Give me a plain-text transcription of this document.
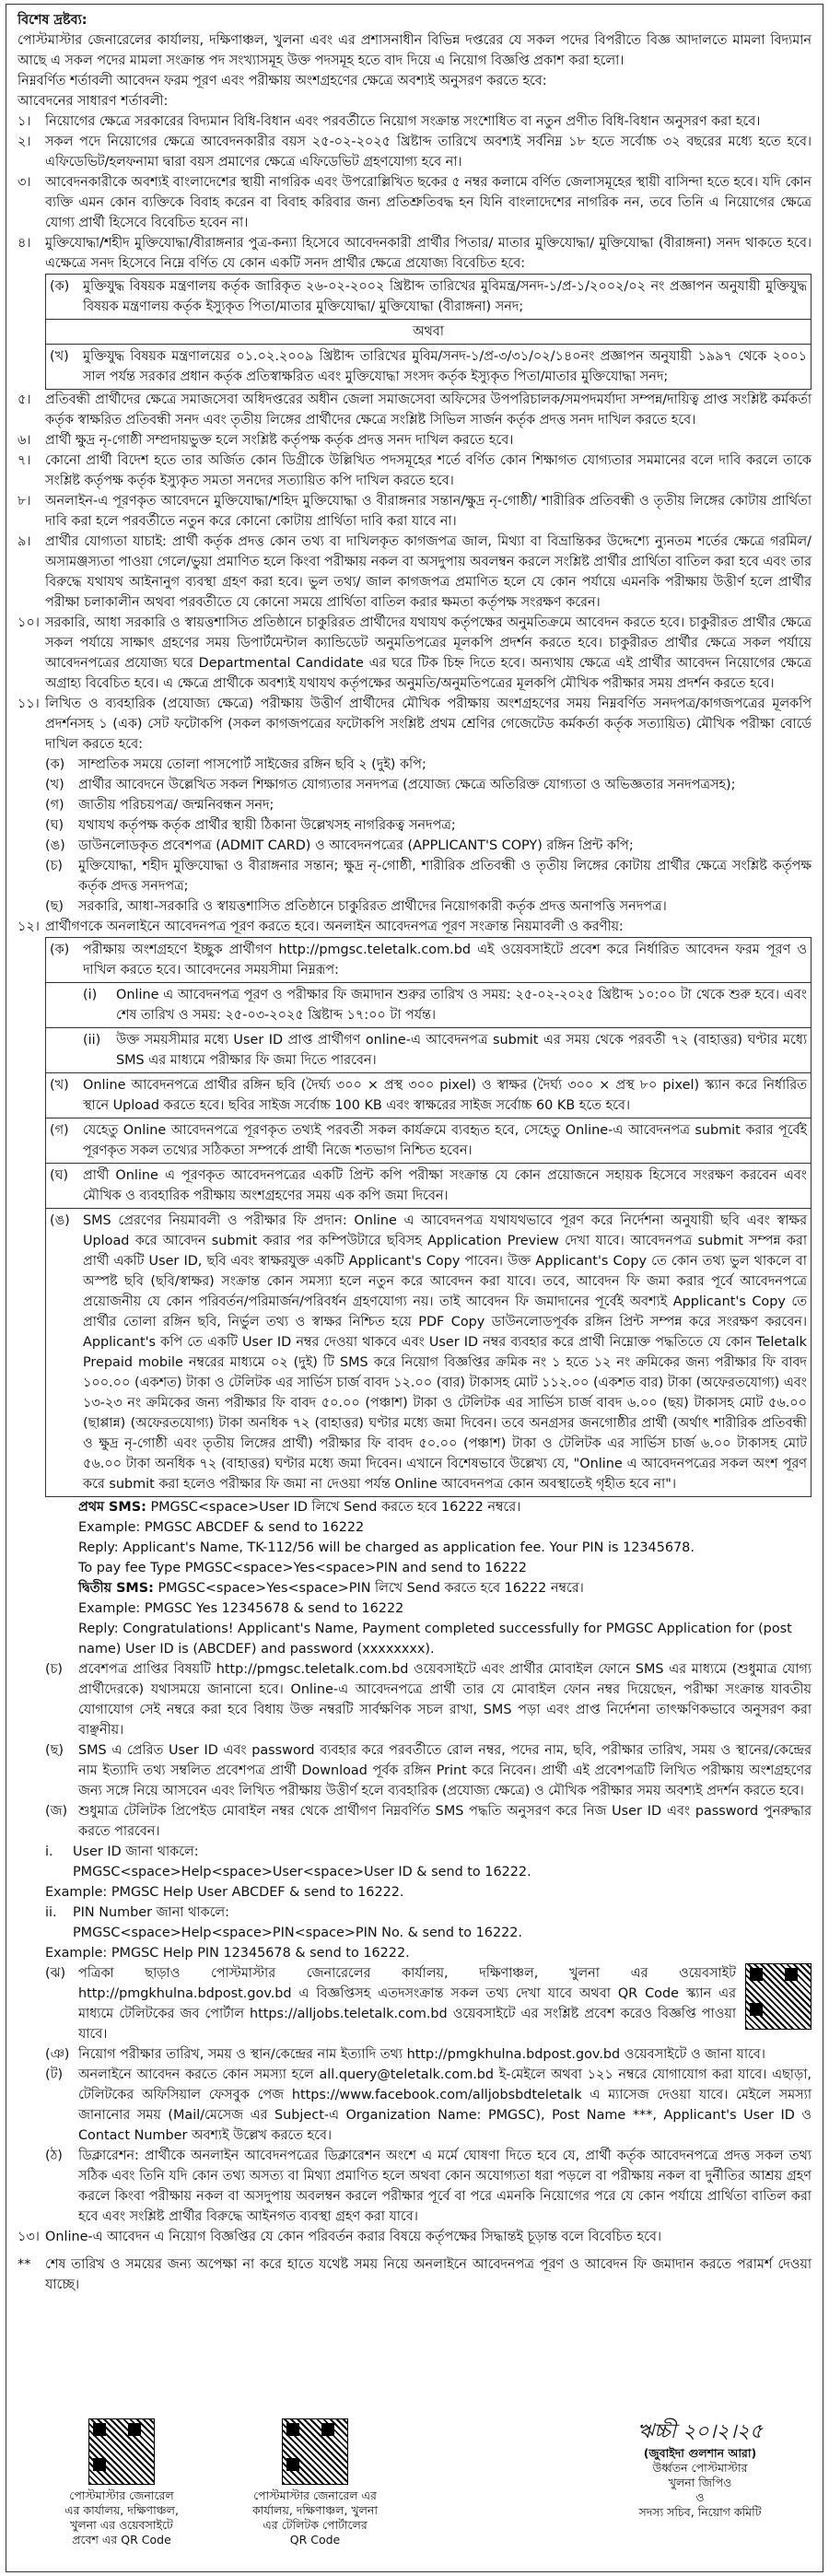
বিশেষ দ্রষ্টব্য:
পোস্টমাস্টার জেনারেলের কার্যালয়, দক্ষিণাঞ্চল, খুলনা এবং এর প্রশাসনাধীন বিভিন্ন দপ্তরের যে সকল পদের বিপরীতে বিজ্ঞ আদালতে মামলা বিদ্যমান আছে এ সকল পদের মামলা সংক্রান্ত পদ সংখ্যাসমূহ উক্ত পদসমূহ হতে বাদ দিয়ে এ নিয়োগ বিজ্ঞপ্তি প্রকাশ করা হলো।
নিম্নবর্ণিত শর্তাবলী আবেদন ফরম পূরণ এবং পরীক্ষায় অংশগ্রহণের ক্ষেত্রে অবশ্যই অনুসরণ করতে হবে:
আবেদনের সাধারণ শর্তাবলী:
১।	নিয়োগের ক্ষেত্রে সরকারের বিদ্যমান বিধি-বিধান এবং পরবর্তীতে নিয়োগ সংক্রান্ত সংশোধিত বা নতুন প্রণীত বিধি-বিধান অনুসরণ করা হবে।
২।	সকল পদে নিয়োগের ক্ষেত্রে আবেদনকারীর বয়স ২৫-০২-২০২৫ খ্রিষ্টাব্দ তারিখে অবশ্যই সর্বনিম্ন ১৮ হতে সর্বোচ্চ ৩২ বছরের মধ্যে হতে হবে। এফিডেভিট/হলফনামা দ্বারা বয়স প্রমাণের ক্ষেত্রে এফিডেভিট গ্রহণযোগ্য হবে না।
৩।	আবেদনকারীকে অবশ্যই বাংলাদেশের স্থায়ী নাগরিক এবং উপরোল্লিখিত ছকের ৫ নম্বর কলামে বর্ণিত জেলাসমূহের স্থায়ী বাসিন্দা হতে হবে। যদি কোন ব্যক্তি এমন কোন ব্যক্তিকে বিবাহ করেন বা বিবাহ করিবার জন্য প্রতিশ্রুতিবদ্ধ হন যিনি বাংলাদেশের নাগরিক নন, তবে তিনি এ নিয়োগের ক্ষেত্রে যোগ্য প্রার্থী হিসেবে বিবেচিত হবেন না।
৪।	মুক্তিযোদ্ধা/শহীদ মুক্তিযোদ্ধা/বীরাঙ্গনার পুত্র-কন্যা হিসেবে আবেদনকারী প্রার্থীর পিতার/ মাতার মুক্তিযোদ্ধা/ মুক্তিযোদ্ধা (বীরাঙ্গনা) সনদ থাকতে হবে। এক্ষেত্রে সনদ হিসেবে নিম্নে বর্ণিত যে কোন একটি সনদ প্রার্থীর ক্ষেত্রে প্রযোজ্য বিবেচিত হবে:
(ক)	মুক্তিযুদ্ধ বিষয়ক মন্ত্রণালয় কর্তৃক জারিকৃত ২৬-০২-২০০২ খ্রিষ্টাব্দ তারিখের মুবিমন্ত্র/সনদ-১/প্র-১/২০০২/০২ নং প্রজ্ঞাপন অনুযায়ী মুক্তিযুদ্ধ বিষয়ক মন্ত্রণালয় কর্তৃক ইস্যুকৃত পিতা/মাতার মুক্তিযোদ্ধা/ মুক্তিযোদ্ধা (বীরাঙ্গনা) সনদ;
অথবা
(খ)	মুক্তিযুদ্ধ বিষয়ক মন্ত্রণালয়ের ০১.০২.২০০৯ খ্রিষ্টাব্দ তারিখের মুবিম/সনদ-১/প্র-৩/৩১/০২/১৪০নং প্রজ্ঞাপন অনুযায়ী ১৯৯৭ থেকে ২০০১ সাল পর্যন্ত সরকার প্রধান কর্তৃক প্রতিস্বাক্ষরিত এবং মুক্তিযোদ্ধা সংসদ কর্তৃক ইস্যুকৃত পিতা/মাতার মুক্তিযোদ্ধা সনদ;
৫।	প্রতিবন্ধী প্রার্থীদের ক্ষেত্রে সমাজসেবা অধিদপ্তরের অধীন জেলা সমাজসেবা অফিসের উপপরিচালক/সমপদমর্যাদা সম্পন্ন/দায়িত্ব প্রাপ্ত সংশ্লিষ্ট কর্মকর্তা কর্তৃক স্বাক্ষরিত প্রতিবন্ধী সনদ এবং তৃতীয় লিঙ্গের প্রার্থীদের ক্ষেত্রে সংশ্লিষ্ট সিভিল সার্জন কর্তৃক প্রদত্ত সনদ দাখিল করতে হবে।
৬।	প্রার্থী ক্ষুদ্র নৃ-গোষ্ঠী সম্প্রদায়ভুক্ত হলে সংশ্লিষ্ট কর্তৃপক্ষ কর্তৃক প্রদত্ত সনদ দাখিল করতে হবে।
৭।	কোনো প্রার্থী বিদেশ হতে তার অর্জিত কোন ডিগ্রীকে উল্লিখিত পদসমূহের শর্তে বর্ণিত কোন শিক্ষাগত যোগ্যতার সমমানের বলে দাবি করলে তাকে সংশ্লিষ্ট কর্তৃপক্ষ কর্তৃক ইস্যুকৃত সমতা সনদের সত্যায়িত কপি দাখিল করতে হবে।
৮।	অনলাইন-এ পূরণকৃত আবেদনে মুক্তিযোদ্ধা/শহিদ মুক্তিযোদ্ধা ও বীরাঙ্গনার সন্তান/ক্ষুদ্র নৃ-গোষ্ঠী/ শারীরিক প্রতিবন্ধী ও তৃতীয় লিঙ্গের কোটায় প্রার্থিতা দাবি করা হলে পরবর্তীতে নতুন করে কোনো কোটায় প্রার্থিতা দাবি করা যাবে না।
৯।	প্রার্থীর যোগ্যতা যাচাই: প্রার্থী কর্তৃক প্রদত্ত কোন তথ্য বা দাখিলকৃত কাগজপত্র জাল, মিথ্যা বা বিভ্রান্তিকর উদ্দেশ্যে ন্যুনতম শর্তের ক্ষেত্রে গরমিল/অসামঞ্জস্যতা পাওয়া গেলে/ভুয়া প্রমাণিত হলে কিংবা পরীক্ষায় নকল বা অসদুপায় অবলম্বন করলে সংশ্লিষ্ট প্রার্থীর প্রার্থিতা বাতিল করা হবে এবং তার বিরুদ্ধে যথাযথ আইনানুগ ব্যবস্থা গ্রহণ করা হবে। ভুল তথ্য/ জাল কাগজপত্র প্রমাণিত হলে যে কোন পর্যায়ে এমনকি পরীক্ষায় উত্তীর্ণ হলে প্রার্থীর পরীক্ষা চলাকালীন অথবা পরবর্তীতে যে কোনো সময়ে প্রার্থিতা বাতিল করার ক্ষমতা কর্তৃপক্ষ সংরক্ষণ করেন।
১০। সরকারি, আধা সরকারি ও স্বায়ত্তশাসিত প্রতিষ্ঠানে চাকুরিরত প্রার্থীদের যথাযথ কর্তৃপক্ষের অনুমতিক্রমে আবেদন করতে হবে। চাকুরীরত প্রার্থীর ক্ষেত্রে সকল পর্যায়ে সাক্ষাৎ গ্রহণের সময় ডিপার্টমেন্টাল ক্যান্ডিডেট অনুমতিপত্রের মূলকপি প্রদর্শন করতে হবে। চাকুরীরত প্রার্থীর ক্ষেত্রে সকল পর্যায়ে আবেদনপত্রের প্রযোজ্য ঘরে Departmental Candidate এর ঘরে টিক চিহ্ন দিতে হবে। অন্যথায় ক্ষেত্রে এই প্রার্থীর আবেদন নিয়োগের ক্ষেত্রে অগ্রাহ্য বিবেচিত হবে। এ ক্ষেত্রে প্রার্থীকে অবশ্যই যথাযথ কর্তৃপক্ষের অনুমতি/অনুমতিপত্রের মূলকপি মৌখিক পরীক্ষার সময় প্রদর্শন করতে হবে।
১১। লিখিত ও ব্যবহারিক (প্রযোজ্য ক্ষেত্রে) পরীক্ষায় উত্তীর্ণ প্রার্থীদের মৌখিক পরীক্ষায় অংশগ্রহণের সময় নিম্নবর্ণিত সনদপত্র/কাগজপত্রের মূলকপি প্রদর্শনসহ ১ (এক) সেট ফটোকপি (সকল কাগজপত্রের ফটোকপি সংশ্লিষ্ট প্রথম শ্রেণির গেজেটেড কর্মকর্তা কর্তৃক সত্যায়িত) মৌখিক পরীক্ষা বোর্ডে দাখিল করতে হবে:
(ক)	সাম্প্রতিক সময়ে তোলা পাসপোর্ট সাইজের রঙ্গিন ছবি ২ (দুই) কপি;
(খ)	প্রার্থীর আবেদনে উল্লেখিত সকল শিক্ষাগত যোগ্যতার সনদপত্র (প্রযোজ্য ক্ষেত্রে অতিরিক্ত যোগ্যতা ও অভিজ্ঞতার সনদপত্রসহ);
(গ)	জাতীয় পরিচয়পত্র/ জন্মনিবন্ধন সনদ;
(ঘ)	যথাযথ কর্তৃপক্ষ কর্তৃক প্রার্থীর স্থায়ী ঠিকানা উল্লেখসহ নাগরিকত্ব সনদপত্র;
(ঙ) ডাউনলোডকৃত প্রবেশপত্র (ADMIT CARD) ও আবেদনপত্রের (APPLICANT'S COPY) রঙ্গিন প্রিন্ট কপি;
(চ)	মুক্তিযোদ্ধা, শহীদ মুক্তিযোদ্ধা ও বীরাঙ্গনার সন্তান; ক্ষুদ্র নৃ-গোষ্ঠী, শারীরিক প্রতিবন্ধী ও তৃতীয় লিঙ্গের কোটায় প্রার্থীর ক্ষেত্রে সংশ্লিষ্ট কর্তৃপক্ষ কর্তৃক প্রদত্ত সনদপত্র;
(ছ)	সরকারি, আধা-সরকারি ও স্বায়ত্তশাসিত প্রতিষ্ঠানে চাকুরিরত প্রার্থীদের নিয়োগকারী কর্তৃক প্রদত্ত অনাপত্তি সনদপত্র।
১২। প্রার্থীগণকে অনলাইনে আবেদনপত্র পূরণ করতে হবে। অনলাইন আবেদনপত্র পূরণ সংক্রান্ত নিয়মাবলী ও করণীয়:
(ক)	পরীক্ষায় অংশগ্রহণে ইচ্ছুক প্রার্থীগণ http://pmgsc.teletalk.com.bd এই ওয়েবসাইটে প্রবেশ করে নির্ধারিত আবেদন ফরম পূরণ ও দাখিল করতে হবে। আবেদনের সময়সীমা নিম্নরূপ:
(i)	Online এ আবেদনপত্র পূরণ ও পরীক্ষার ফি জমাদান শুরুর তারিখ ও সময়: ২৫-০২-২০২৫ খ্রিষ্টাব্দ ১০:০০ টা থেকে শুরু হবে। এবং শেষ তারিখ ও সময়: ২৫-০৩-২০২৫ খ্রিষ্টাব্দ ১৭:০০ টা পর্যন্ত।
(ii)	উক্ত সময়সীমার মধ্যে User ID প্রাপ্ত প্রার্থীগণ online-এ আবেদনপত্র submit এর সময় থেকে পরবর্তী ৭২ (বাহাত্তর) ঘণ্টার মধ্যে SMS এর মাধ্যমে পরীক্ষার ফি জমা দিতে পারবেন।
(খ)	Online আবেদনপত্রে প্রার্থীর রঙ্গিন ছবি (দৈর্ঘ্য ৩০০ × প্রস্থ ৩০০ pixel) ও স্বাক্ষর (দৈর্ঘ্য ৩০০ × প্রস্থ ৮০ pixel) স্ক্যান করে নির্ধারিত স্থানে Upload করতে হবে। ছবির সাইজ সর্বোচ্চ 100 KB এবং স্বাক্ষরের সাইজ সর্বোচ্চ 60 KB হতে হবে।
(গ)	যেহেতু Online আবেদনপত্রে পূরণকৃত তথ্যই পরবর্তী সকল কার্যক্রমে ব্যবহৃত হবে, সেহেতু Online-এ আবেদনপত্র submit করার পূর্বেই পূরণকৃত সকল তথ্যের সঠিকতা সম্পর্কে প্রার্থী নিজে শতভাগ নিশ্চিত হবেন।
(ঘ)	প্রার্থী Online এ পূরণকৃত আবেদনপত্রের একটি প্রিন্ট কপি পরীক্ষা সংক্রান্ত যে কোন প্রয়োজনে সহায়ক হিসেবে সংরক্ষণ করবেন এবং মৌখিক ও ব্যবহারিক পরীক্ষায় অংশগ্রহণের সময় এক কপি জমা দিবেন।
(ঙ) SMS প্রেরণের নিয়মাবলী ও পরীক্ষার ফি প্রদান: Online এ আবেদনপত্র যথাযথভাবে পূরণ করে নির্দেশনা অনুযায়ী ছবি এবং স্বাক্ষর Upload করে আবেদন submit করার পর কম্পিউটারে ছবিসহ Application Preview দেখা যাবে। আবেদনপত্র submit সম্পন্ন করা প্রার্থী একটি User ID, ছবি এবং স্বাক্ষরযুক্ত একটি Applicant's Copy পাবেন। উক্ত Applicant's Copy তে কোন তথ্য ভুল থাকলে বা অস্পষ্ট ছবি (ছবি/স্বাক্ষর) সংক্রান্ত কোন সমস্যা হলে নতুন করে আবেদন করা যাবে। তবে, আবেদন ফি জমা করার পূর্বে আবেদনপত্রে প্রয়োজনীয় যে কোন পরিবর্তন/পরিমার্জন/পরিবর্ধন গ্রহণযোগ্য নয়। তাই আবেদন ফি জমাদানের পূর্বেই অবশ্যই Applicant's Copy তে প্রার্থীর তোলা রঙ্গিন ছবি, নির্ভুল তথ্য ও স্বাক্ষর নিশ্চিত হয়ে PDF Copy ডাউনলোডপূর্বক রঙ্গিন প্রিন্ট সম্পন্ন করে সংরক্ষণ করবেন। Applicant's কপি তে একটি User ID নম্বর দেওয়া থাকবে এবং User ID নম্বর ব্যবহার করে প্রার্থী নিম্নোক্ত পদ্ধতিতে যে কোন Teletalk Prepaid mobile নম্বরের মাধ্যমে ০২ (দুই) টি SMS করে নিয়োগ বিজ্ঞপ্তির ক্রমিক নং ১ হতে ১২ নং ক্রমিকের জন্য পরীক্ষার ফি বাবদ ১০০.০০ (একশত) টাকা ও টেলিটক এর সার্ভিস চার্জ বাবদ ১২.০০ (বার) টাকাসহ মোট ১১২.০০ (একশত বার) টাকা (অফেরতযোগ্য) এবং ১৩-২৩ নং ক্রমিকের জন্য পরীক্ষার ফি বাবদ ৫০.০০ (পঞ্চাশ) টাকা ও টেলিটক এর সার্ভিস চার্জ বাবদ ৬.০০ (ছয়) টাকাসহ মোট ৫৬.০০ (ছাপ্পান্ন) (অফেরতযোগ্য) টাকা অনধিক ৭২ (বাহাত্তর) ঘণ্টার মধ্যে জমা দিবেন। তবে অনগ্রসর জনগোষ্ঠীর প্রার্থী (অর্থাৎ শারীরিক প্রতিবন্ধী ও ক্ষুদ্র নৃ-গোষ্ঠী এবং তৃতীয় লিঙ্গের প্রার্থী) পরীক্ষার ফি বাবদ ৫০.০০ (পঞ্চাশ) টাকা ও টেলিটক এর সার্ভিস চার্জ ৬.০০ টাকাসহ মোট ৫৬.০০ টাকা অনধিক ৭২ (বাহাত্তর) ঘণ্টার মধ্যে জমা দিবেন। এখানে বিশেষভাবে উল্লেখ্য যে, "Online এ আবেদনপত্রের সকল অংশ পূরণ করে submit করা হলেও পরীক্ষার ফি জমা না দেওয়া পর্যন্ত Online আবেদনপত্র কোন অবস্থাতেই গৃহীত হবে না"।
প্রথম SMS: PMGSC<space>User ID লিখে Send করতে হবে 16222 নম্বরে।
Example: PMGSC ABCDEF & send to 16222
Reply: Applicant's Name, TK-112/56 will be charged as application fee. Your PIN is 12345678.
To pay fee Type PMGSC<space>Yes<space>PIN and send to 16222
দ্বিতীয় SMS: PMGSC<space>Yes<space>PIN লিখে Send করতে হবে 16222 নম্বরে।
Example: PMGSC Yes 12345678 & send to 16222
Reply: Congratulations! Applicant's Name, Payment completed successfully for PMGSC Application for (post name) User ID is (ABCDEF) and password (xxxxxxxx).
(চ)	প্রবেশপত্র প্রাপ্তির বিষয়টি http://pmgsc.teletalk.com.bd ওয়েবসাইটে এবং প্রার্থীর মোবাইল ফোনে SMS এর মাধ্যমে (শুধুমাত্র যোগ্য প্রার্থীদেরকে) যথাসময়ে জানানো হবে। Online-এ আবেদনপত্রে প্রার্থী তার যে মোবাইল ফোন নম্বর দিয়েছেন, পরীক্ষা সংক্রান্ত যাবতীয় যোগাযোগ সেই নম্বরে করা হবে বিধায় উক্ত নম্বরটি সার্বক্ষণিক সচল রাখা, SMS পড়া এবং প্রাপ্ত নির্দেশনা তাৎক্ষণিকভাবে অনুসরণ করা বাঞ্ছনীয়।
(ছ)	SMS এ প্রেরিত User ID এবং password ব্যবহার করে পরবর্তীতে রোল নম্বর, পদের নাম, ছবি, পরীক্ষার তারিখ, সময় ও স্থানের/কেন্দ্রের নাম ইত্যাদি তথ্য সম্বলিত প্রবেশপত্র প্রার্থী Download পূর্বক রঙ্গিন Print করে নিবেন। প্রার্থী এই প্রবেশপত্রটি লিখিত পরীক্ষায় অংশগ্রহণের জন্য সঙ্গে নিয়ে আসবেন এবং লিখিত পরীক্ষায় উত্তীর্ণ হলে ব্যবহারিক (প্রযোজ্য ক্ষেত্রে) ও মৌখিক পরীক্ষার সময় অবশ্যই প্রদর্শন করতে হবে।
(জ) শুধুমাত্র টেলিটক প্রিপেইড মোবাইল নম্বর থেকে প্রার্থীগণ নিম্নবর্ণিত SMS পদ্ধতি অনুসরণ করে নিজ User ID এবং password পুনরুদ্ধার করতে পারবেন।
i.	User ID জানা থাকলে:
PMGSC<space>Help<space>User<space>User ID & send to 16222.
Example: PMGSC Help User ABCDEF & send to 16222.
ii.	PIN Number জানা থাকলে:
PMGSC<space>Help<space>PIN<space>PIN No. & send to 16222.
Example: PMGSC Help PIN 12345678 & send to 16222.
(ঝ) পত্রিকা ছাড়াও পোস্টমাস্টার জেনারেলের কার্যালয়, দক্ষিণাঞ্চল, খুলনা এর ওয়েবসাইট http://pmgkhulna.bdpost.gov.bd এ বিজ্ঞপ্তিসহ এতদসংক্রান্ত সকল তথ্য দেখা যাবে অথবা QR Code স্ক্যান এর মাধ্যমে টেলিটকের জব পোর্টাল https://alljobs.teletalk.com.bd ওয়েবসাইটে এর সংশ্লিষ্ট প্রবেশ করেও বিজ্ঞপ্তি পাওয়া যাবে।
(ঞ) নিয়োগ পরীক্ষার তারিখ, সময় ও স্থান/কেন্দ্রের নাম ইত্যাদি তথ্য http://pmgkhulna.bdpost.gov.bd ওয়েবসাইটে ও জানা যাবে।
(ট)	অনলাইনে আবেদন করতে কোন সমস্যা হলে all.query@teletalk.com.bd ই-মেইলে অথবা ১২১ নম্বরে যোগাযোগ করা যাবে। এছাড়া, টেলিটকের অফিসিয়াল ফেসবুক পেজ https://www.facebook.com/alljobsbdteletalk এ ম্যাসেজ দেওয়া যাবে। মেইলে সমস্যা জানানোর সময় (Mail/মেসেজ এর Subject-এ Organization Name: PMGSC), Post Name ***, Applicant's User ID ও Contact Number অবশ্যই উল্লেখ করতে হবে।
(ঠ)	ডিক্লারেশন: প্রার্থীকে অনলাইন আবেদনপত্রের ডিক্লারেশন অংশে এ মর্মে ঘোষণা দিতে হবে যে, প্রার্থী কর্তৃক আবেদনপত্রে প্রদত্ত সকল তথ্য সঠিক এবং তিনি যদি কোন তথ্য অসত্য বা মিথ্যা প্রমাণিত হলে অথবা কোন অযোগ্যতা ধরা পড়লে বা পরীক্ষায় নকল বা দুর্নীতির আশ্রয় গ্রহণ করলে কিংবা পরীক্ষায় নকল বা অসদুপায় অবলম্বন করলে পরীক্ষার পূর্বে বা পরে এমনকি নিয়োগের পরে যে কোন পর্যায়ে প্রার্থিতা বাতিল করা হবে এবং সংশ্লিষ্ট প্রার্থীর বিরুদ্ধে আইনগত ব্যবস্থা গ্রহণ করা যাবে।
১৩। Online-এ আবেদন এ নিয়োগ বিজ্ঞপ্তির যে কোন পরিবর্তন করার বিষয়ে কর্তৃপক্ষের সিদ্ধান্তই চূড়ান্ত বলে বিবেচিত হবে।
**	শেষ তারিখ ও সময়ের জন্য অপেক্ষা না করে হাতে যথেষ্ট সময় নিয়ে অনলাইনে আবেদনপত্র পূরণ ও আবেদন ফি জমাদান করতে পরামর্শ দেওয়া যাচ্ছে।
পোস্টমাস্টার জেনারেল
এর কার্যালয়, দক্ষিণাঞ্চল,
খুলনা এর ওয়েবসাইটে
প্রবেশ এর QR Code
পোস্টমাস্টার জেনারেল এর
কার্যালয়, দক্ষিণাঞ্চল, খুলনা
এর টেলিটক পোর্টালের
QR Code
ঋচ্চী ২০।২।২৫
(জুবাইদা গুলশান আরা)
উর্ধ্বতন পোস্টমাস্টার
খুলনা জিপিও
ও
সদস্য সচিব, নিয়োগ কমিটি
